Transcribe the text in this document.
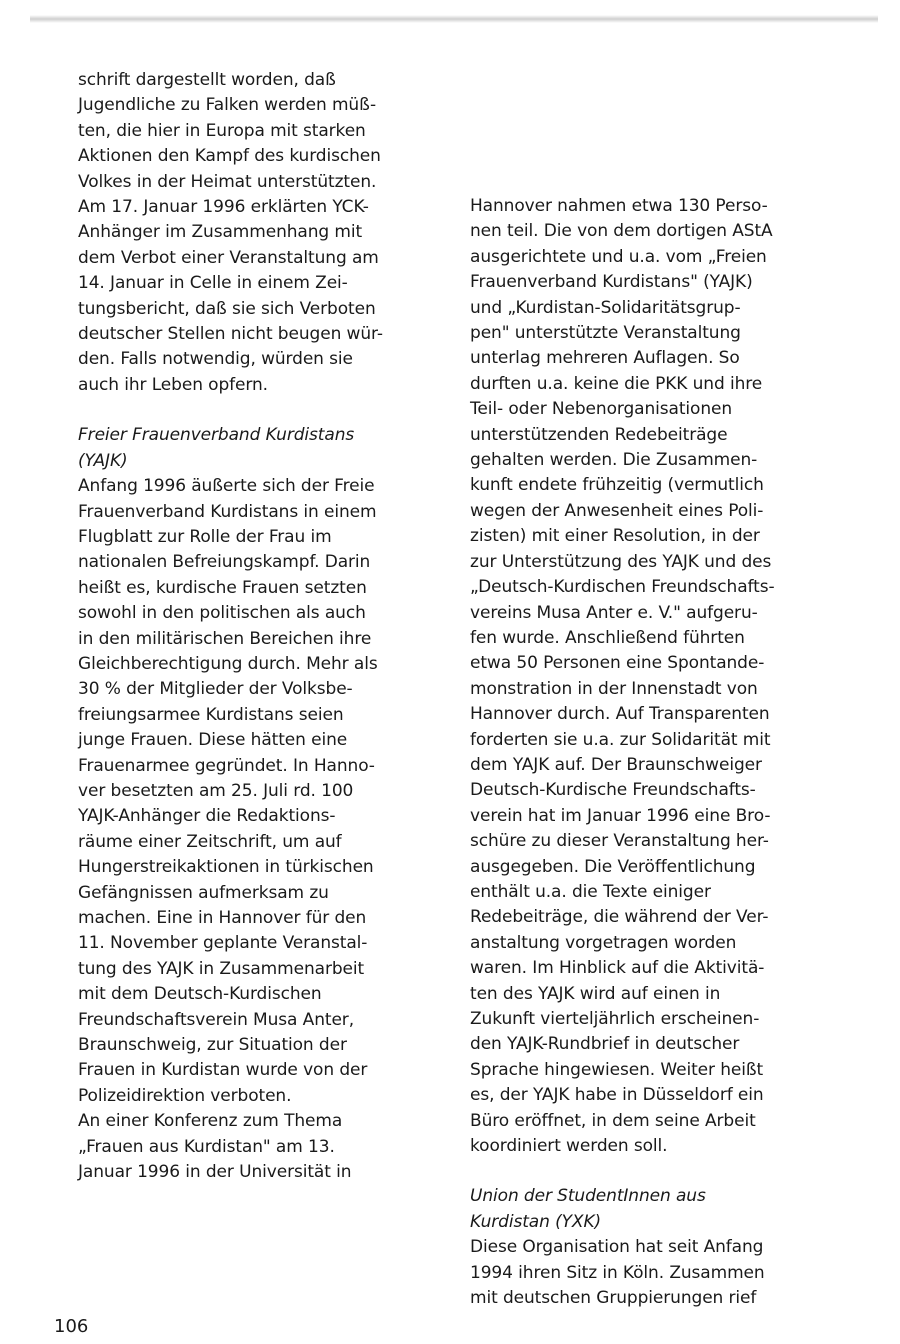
schrift dargestellt worden, daß
Jugendliche zu Falken werden müß-
ten, die hier in Europa mit starken
Aktionen den Kampf des kurdischen
Volkes in der Heimat unterstützten.
Am 17. Januar 1996 erklärten YCK-
Anhänger im Zusammenhang mit
dem Verbot einer Veranstaltung am
14. Januar in Celle in einem Zei-
tungsbericht, daß sie sich Verboten
deutscher Stellen nicht beugen wür-
den. Falls notwendig, würden sie
auch ihr Leben opfern.
Freier Frauenverband Kurdistans
(YAJK)
Anfang 1996 äußerte sich der Freie
Frauenverband Kurdistans in einem
Flugblatt zur Rolle der Frau im
nationalen Befreiungskampf. Darin
heißt es, kurdische Frauen setzten
sowohl in den politischen als auch
in den militärischen Bereichen ihre
Gleichberechtigung durch. Mehr als
30 % der Mitglieder der Volksbe-
freiungsarmee Kurdistans seien
junge Frauen. Diese hätten eine
Frauenarmee gegründet. In Hanno-
ver besetzten am 25. Juli rd. 100
YAJK-Anhänger die Redaktions-
räume einer Zeitschrift, um auf
Hungerstreikaktionen in türkischen
Gefängnissen aufmerksam zu
machen. Eine in Hannover für den
11. November geplante Veranstal-
tung des YAJK in Zusammenarbeit
mit dem Deutsch-Kurdischen
Freundschaftsverein Musa Anter,
Braunschweig, zur Situation der
Frauen in Kurdistan wurde von der
Polizeidirektion verboten.
An einer Konferenz zum Thema
„Frauen aus Kurdistan" am 13.
Januar 1996 in der Universität in
Hannover nahmen etwa 130 Perso-
nen teil. Die von dem dortigen AStA
ausgerichtete und u.a. vom „Freien
Frauenverband Kurdistans" (YAJK)
und „Kurdistan-Solidaritätsgrup-
pen" unterstützte Veranstaltung
unterlag mehreren Auflagen. So
durften u.a. keine die PKK und ihre
Teil- oder Nebenorganisationen
unterstützenden Redebeiträge
gehalten werden. Die Zusammen-
kunft endete frühzeitig (vermutlich
wegen der Anwesenheit eines Poli-
zisten) mit einer Resolution, in der
zur Unterstützung des YAJK und des
„Deutsch-Kurdischen Freundschafts-
vereins Musa Anter e. V." aufgeru-
fen wurde. Anschließend führten
etwa 50 Personen eine Spontande-
monstration in der Innenstadt von
Hannover durch. Auf Transparenten
forderten sie u.a. zur Solidarität mit
dem YAJK auf. Der Braunschweiger
Deutsch-Kurdische Freundschafts-
verein hat im Januar 1996 eine Bro-
schüre zu dieser Veranstaltung her-
ausgegeben. Die Veröffentlichung
enthält u.a. die Texte einiger
Redebeiträge, die während der Ver-
anstaltung vorgetragen worden
waren. Im Hinblick auf die Aktivitä-
ten des YAJK wird auf einen in
Zukunft vierteljährlich erscheinen-
den YAJK-Rundbrief in deutscher
Sprache hingewiesen. Weiter heißt
es, der YAJK habe in Düsseldorf ein
Büro eröffnet, in dem seine Arbeit
koordiniert werden soll.
Union der StudentInnen aus
Kurdistan (YXK)
Diese Organisation hat seit Anfang
1994 ihren Sitz in Köln. Zusammen
mit deutschen Gruppierungen rief
106
